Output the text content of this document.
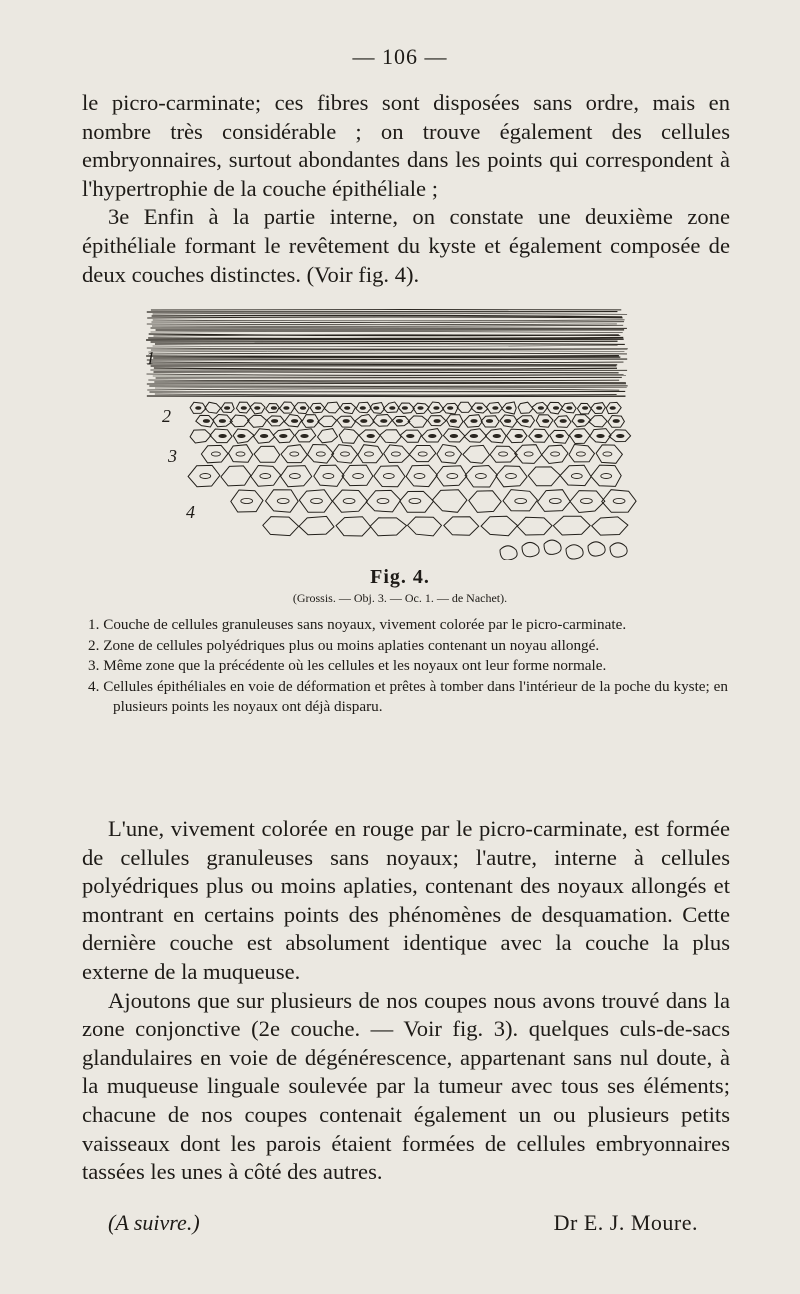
— 106 —

le picro-carminate; ces fibres sont disposées sans ordre, mais en nombre très considérable ; on trouve également des cellules embryonnaires, surtout abondantes dans les points qui correspondent à l'hypertrophie de la couche épithéliale ;

3e Enfin à la partie interne, on constate une deuxième zone épithéliale formant le revêtement du kyste et également composée de deux couches distinctes. (Voir fig. 4).

1
2
3
4
Fig. 4.
(Grossis. — Obj. 3. — Oc. 1. — de Nachet).
1. Couche de cellules granuleuses sans noyaux, vivement colorée par le picro-carminate.
2. Zone de cellules polyédriques plus ou moins aplaties contenant un noyau allongé.
3. Même zone que la précédente où les cellules et les noyaux ont leur forme normale.
4. Cellules épithéliales en voie de déformation et prêtes à tomber dans l'intérieur de la poche du kyste; en plusieurs points les noyaux ont déjà disparu.

L'une, vivement colorée en rouge par le picro-carminate, est formée de cellules granuleuses sans noyaux; l'autre, interne à cellules polyédriques plus ou moins aplaties, contenant des noyaux allongés et montrant en certains points des phénomènes de desquamation. Cette dernière couche est absolument identique avec la couche la plus externe de la muqueuse.

Ajoutons que sur plusieurs de nos coupes nous avons trouvé dans la zone conjonctive (2e couche. — Voir fig. 3). quelques culs-de-sacs glandulaires en voie de dégénérescence, appartenant sans nul doute, à la muqueuse linguale soulevée par la tumeur avec tous ses éléments; chacune de nos coupes contenait également un ou plusieurs petits vaisseaux dont les parois étaient formées de cellules embryonnaires tassées les unes à côté des autres.

(A suivre.)	Dr E. J. Moure.
